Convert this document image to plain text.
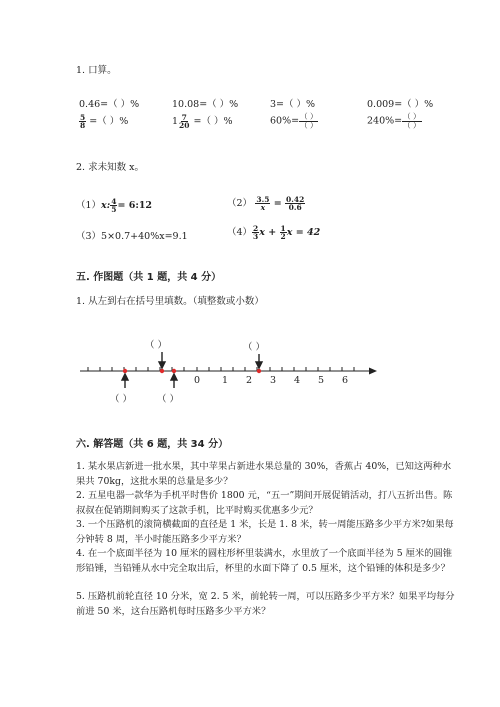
1. 口算。
0.46=（ ）%	10.08=（ ）%	3=（ ）%	0.009=（ ）%
$\frac{5}{8}$ =（ ）%	$1 \frac{7}{20}$ =（ ）%	$60\%= \frac{( )}{( )}$	$240\%= \frac{( )}{( )}$
2. 求未知数 x。
（1）x: $\frac{4}{5}$ = 6:12	$(2) \frac{3.5}{x} = \frac{0.42}{0.6}$
（3）5×0.7+40%x=9.1	$(4) \frac{2}{3}$ $x + \frac{1}{2}$ x = 42
五. 作图题（共 1 题，共 4 分）
1. 从左到右在括号里填数。（填整数或小数）
（ ）	（ ）
（ ）	（ ）
0 1 2 3 4 5 6
六. 解答题（共 6 题，共 34 分）
1. 某水果店新进一批水果，其中苹果占新进水果总量的 30%，香蕉占 40%，已知这两种水果共 70kg，这批水果的总量是多少？
2. 五星电器一款华为手机平时售价 1800 元，“五一”期间开展促销活动，打八五折出售。陈叔叔在促销期间购买了这款手机，比平时购买优惠多少元？
3. 一个压路机的滚筒横截面的直径是 1 米，长是 1. 8 米，转一周能压路多少平方米?如果每分钟转 8 周，半小时能压路多少平方米？
4. 在一个底面半径为 10 厘米的圆柱形杯里装满水，水里放了一个底面半径为 5 厘米的圆锥形铅锤，当铅锤从水中完全取出后，杯里的水面下降了 0.5 厘米，这个铅锤的体积是多少？
5. 压路机前轮直径 10 分米，宽 2. 5 米，前轮转一周，可以压路多少平方米？如果平均每分前进 50 米，这台压路机每时压路多少平方米？
